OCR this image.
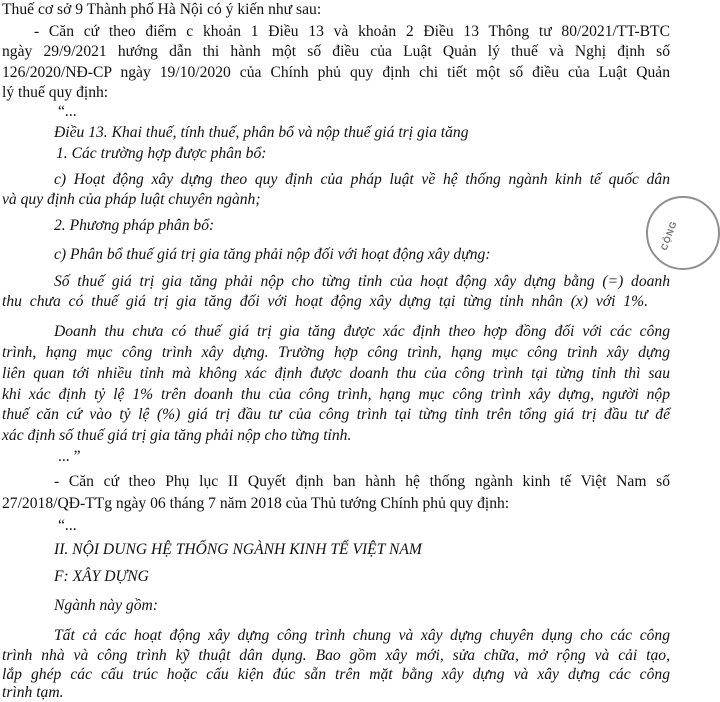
Thuế cơ sở 9 Thành phố Hà Nội có ý kiến như sau:
- Căn cứ theo điểm c khoản 1 Điều 13 và khoản 2 Điều 13 Thông tư 80/2021/TT-BTC
ngày 29/9/2021 hướng dẫn thi hành một số điều của Luật Quản lý thuế và Nghị định số
126/2020/NĐ-CP ngày 19/10/2020 của Chính phủ quy định chi tiết một số điều của Luật Quản
lý thuế quy định:
“...
Điều 13. Khai thuế, tính thuế, phân bổ và nộp thuế giá trị gia tăng
1. Các trường hợp được phân bổ:
c) Hoạt động xây dựng theo quy định của pháp luật về hệ thống ngành kinh tế quốc dân
và quy định của pháp luật chuyên ngành;
2. Phương pháp phân bổ:
c) Phân bổ thuế giá trị gia tăng phải nộp đối với hoạt động xây dựng:
Số thuế giá trị gia tăng phải nộp cho từng tỉnh của hoạt động xây dựng bằng (=) doanh
thu chưa có thuế giá trị gia tăng đối với hoạt động xây dựng tại từng tỉnh nhân (x) với 1%.
Doanh thu chưa có thuế giá trị gia tăng được xác định theo hợp đồng đối với các công
trình, hạng mục công trình xây dựng. Trường hợp công trình, hạng mục công trình xây dựng
liên quan tới nhiều tỉnh mà không xác định được doanh thu của công trình tại từng tỉnh thì sau
khi xác định tỷ lệ 1% trên doanh thu của công trình, hạng mục công trình xây dựng, người nộp
thuế căn cứ vào tỷ lệ (%) giá trị đầu tư của công trình tại từng tỉnh trên tổng giá trị đầu tư để
xác định số thuế giá trị gia tăng phải nộp cho từng tỉnh.
... ”
- Căn cứ theo Phụ lục II Quyết định ban hành hệ thống ngành kinh tế Việt Nam số
27/2018/QĐ-TTg ngày 06 tháng 7 năm 2018 của Thủ tướng Chính phủ quy định:
“...
II. NỘI DUNG HỆ THỐNG NGÀNH KINH TẾ VIỆT NAM
F: XÂY DỰNG
Ngành này gồm:
Tất cả các hoạt động xây dựng công trình chung và xây dựng chuyên dụng cho các công
trình nhà và công trình kỹ thuật dân dụng. Bao gồm xây mới, sửa chữa, mở rộng và cải tạo,
lắp ghép các cấu trúc hoặc cấu kiện đúc sẵn trên mặt bằng xây dựng và xây dựng các công
trình tạm.
CỘNG
